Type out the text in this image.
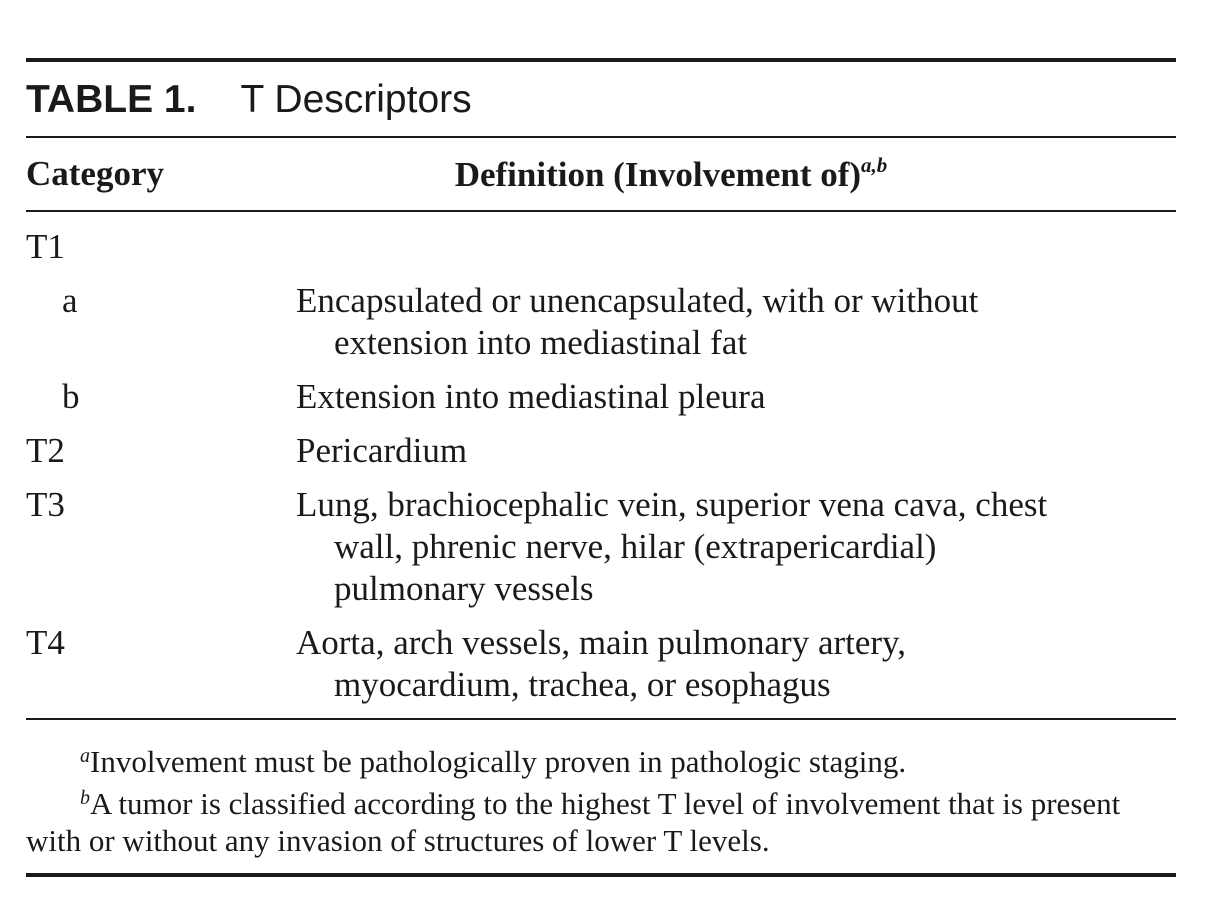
TABLE 1. T Descriptors
Category	Definition (Involvement of)$^{a,b}$
T1
a	Encapsulated or unencapsulated, with or without
extension into mediastinal fat
b	Extension into mediastinal pleura
T2	Pericardium
T3	Lung, brachiocephalic vein, superior vena cava, chest
wall, phrenic nerve, hilar (extrapericardial)
pulmonary vessels
T4	Aorta, arch vessels, main pulmonary artery,
myocardium, trachea, or esophagus
$^a$Involvement must be pathologically proven in pathologic staging.
$^b$A tumor is classified according to the highest T level of involvement that is present
with or without any invasion of structures of lower T levels.
